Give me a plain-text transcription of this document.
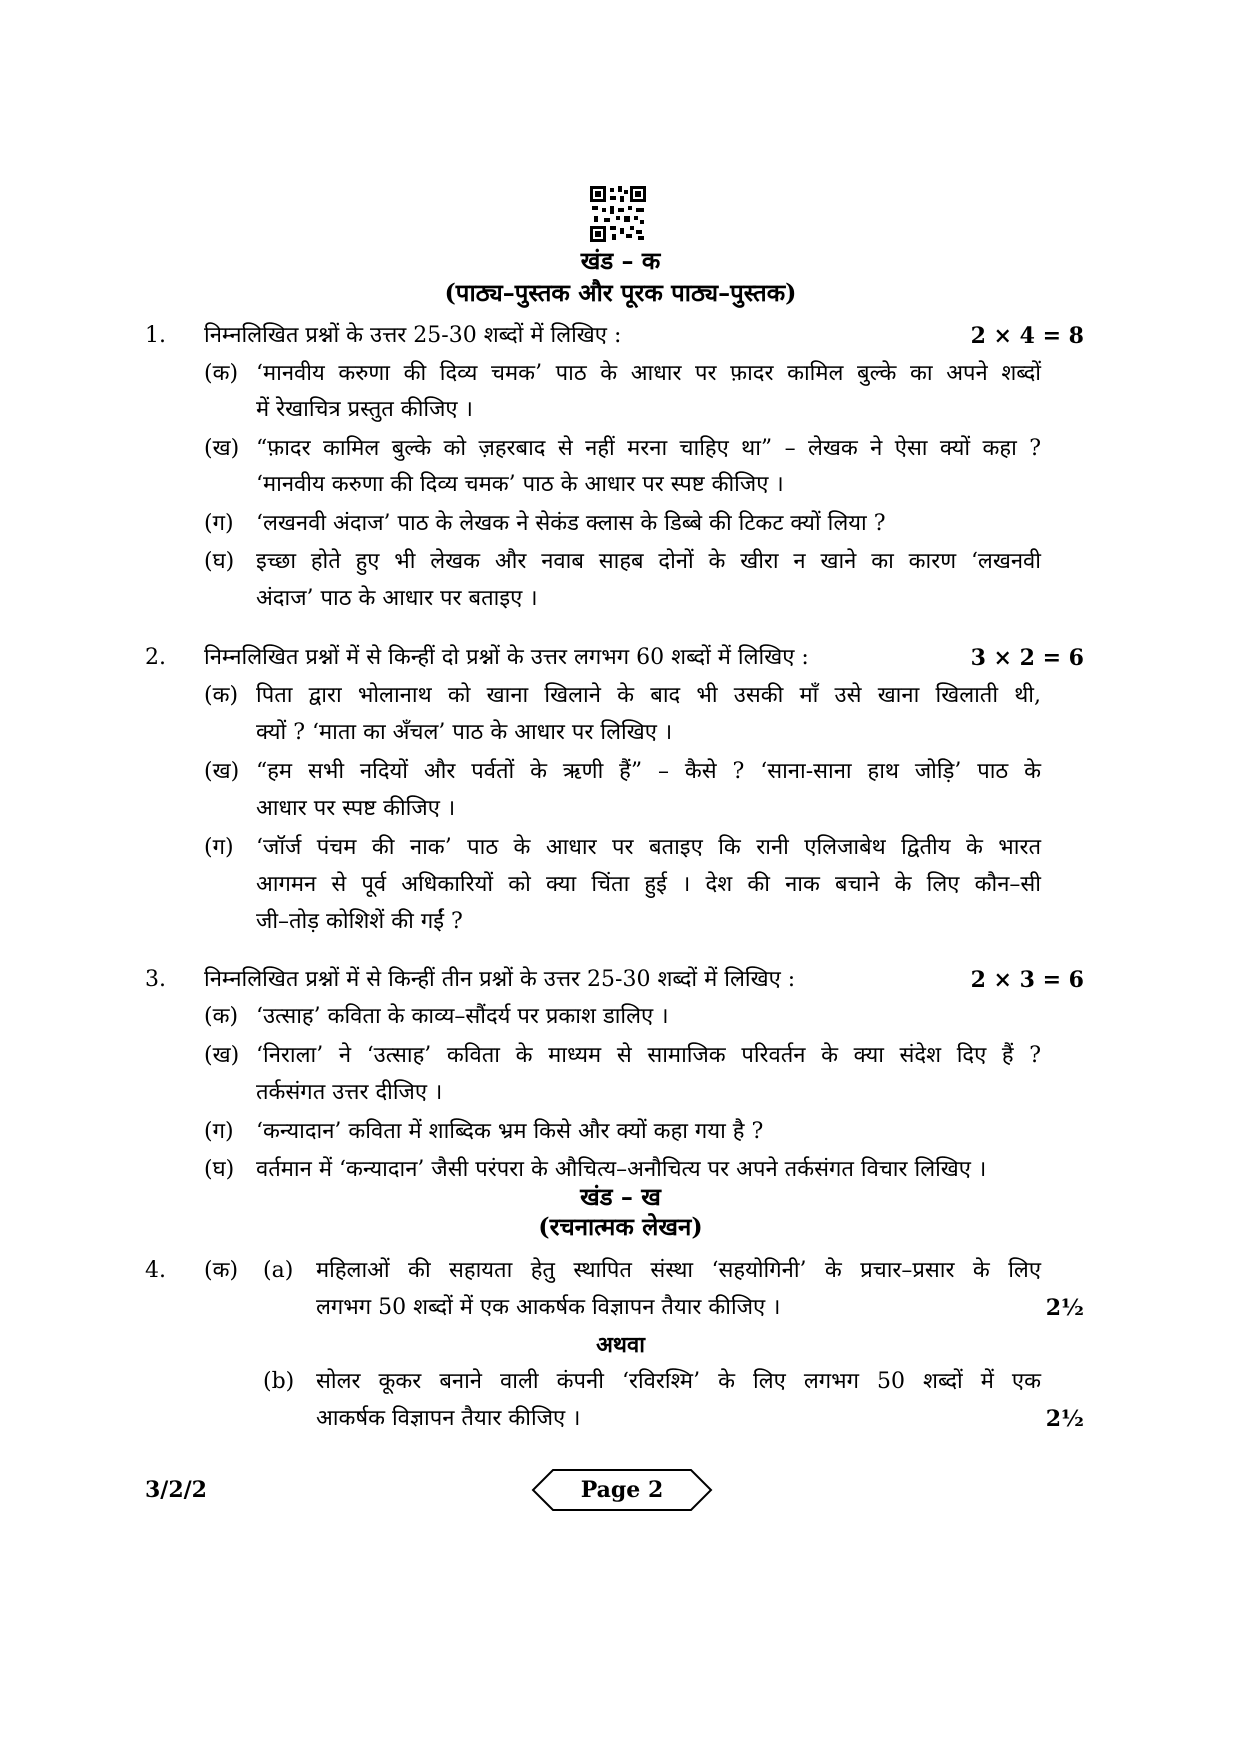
खंड – क
(पाठ्य–पुस्तक और पूरक पाठ्य–पुस्तक)
1. निम्नलिखित प्रश्नों के उत्तर 25-30 शब्दों में लिखिए :	2 × 4 = 8
(क) ‘मानवीय करुणा की दिव्य चमक’ पाठ के आधार पर फ़ादर कामिल बुल्के का अपने शब्दों
में रेखाचित्र प्रस्तुत कीजिए ।
(ख) “फ़ादर कामिल बुल्के को ज़हरबाद से नहीं मरना चाहिए था” – लेखक ने ऐसा क्यों कहा ?
‘मानवीय करुणा की दिव्य चमक’ पाठ के आधार पर स्पष्ट कीजिए ।
(ग)	‘लखनवी अंदाज’ पाठ के लेखक ने सेकंड क्लास के डिब्बे की टिकट क्यों लिया ?
(घ) इच्छा होते हुए भी लेखक और नवाब साहब दोनों के खीरा न खाने का कारण ‘लखनवी
अंदाज’ पाठ के आधार पर बताइए ।
2. निम्नलिखित प्रश्नों में से किन्हीं दो प्रश्नों के उत्तर लगभग 60 शब्दों में लिखिए :	3 × 2 = 6
(क) पिता द्वारा भोलानाथ को खाना खिलाने के बाद भी उसकी माँ उसे खाना खिलाती थी,
क्यों ? ‘माता का अँचल’ पाठ के आधार पर लिखिए ।
(ख) “हम सभी नदियों और पर्वतों के ऋणी हैं” – कैसे ? ‘साना-साना हाथ जोड़ि’ पाठ के
आधार पर स्पष्ट कीजिए ।
(ग)	‘जॉर्ज पंचम की नाक’ पाठ के आधार पर बताइए कि रानी एलिजाबेथ द्वितीय के भारत
आगमन से पूर्व अधिकारियों को क्या चिंता हुई । देश की नाक बचाने के लिए कौन–सी
जी–तोड़ कोशिशें की गईं ?
3. निम्नलिखित प्रश्नों में से किन्हीं तीन प्रश्नों के उत्तर 25-30 शब्दों में लिखिए :	2 × 3 = 6
(क) ‘उत्साह’ कविता के काव्य–सौंदर्य पर प्रकाश डालिए ।
(ख) ‘निराला’ ने ‘उत्साह’ कविता के माध्यम से सामाजिक परिवर्तन के क्या संदेश दिए हैं ?
तर्कसंगत उत्तर दीजिए ।
(ग)	‘कन्यादान’ कविता में शाब्दिक भ्रम किसे और क्यों कहा गया है ?
(घ) वर्तमान में ‘कन्यादान’ जैसी परंपरा के औचित्य–अनौचित्य पर अपने तर्कसंगत विचार लिखिए ।
खंड – ख
(रचनात्मक लेखन)
4. (क)	(a) महिलाओं की सहायता हेतु स्थापित संस्था ‘सहयोगिनी’ के प्रचार–प्रसार के लिए
लगभग 50 शब्दों में एक आकर्षक विज्ञापन तैयार कीजिए ।	2½
अथवा
(b) सोलर कूकर बनाने वाली कंपनी ‘रविरश्मि’ के लिए लगभग 50 शब्दों में एक
आकर्षक विज्ञापन तैयार कीजिए ।	2½
3/2/2	Page 2
